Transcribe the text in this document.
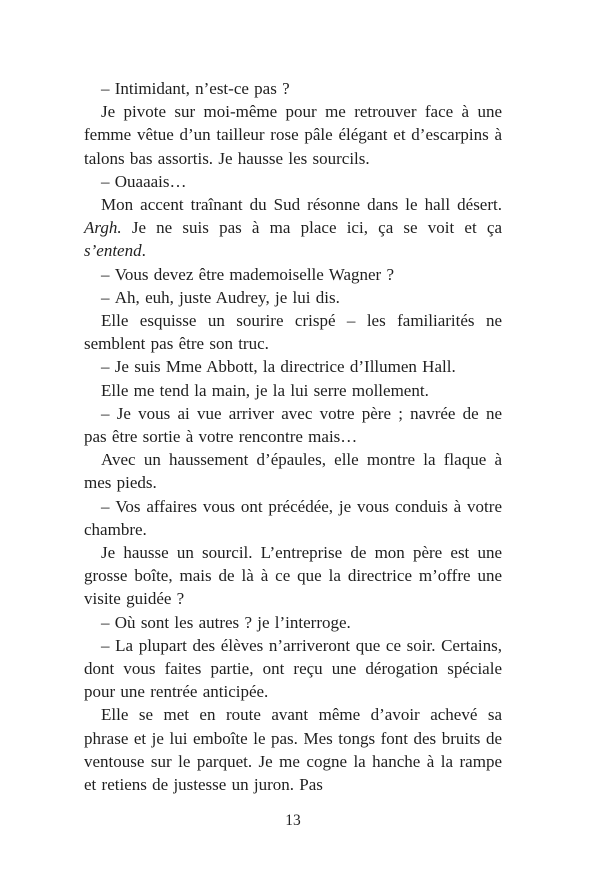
– Intimidant, n’est-ce pas ?

Je pivote sur moi-même pour me retrouver face à une femme vêtue d’un tailleur rose pâle élégant et d’escarpins à talons bas assortis. Je hausse les sourcils.

– Ouaaais…

Mon accent traînant du Sud résonne dans le hall désert. Argh. Je ne suis pas à ma place ici, ça se voit et ça s’entend.

– Vous devez être mademoiselle Wagner ?

– Ah, euh, juste Audrey, je lui dis.

Elle esquisse un sourire crispé – les familiarités ne semblent pas être son truc.

– Je suis Mme Abbott, la directrice d’Illumen Hall.

Elle me tend la main, je la lui serre mollement.

– Je vous ai vue arriver avec votre père ; navrée de ne pas être sortie à votre rencontre mais…

Avec un haussement d’épaules, elle montre la flaque à mes pieds.

– Vos affaires vous ont précédée, je vous conduis à votre chambre.

Je hausse un sourcil. L’entreprise de mon père est une grosse boîte, mais de là à ce que la directrice m’offre une visite guidée ?

– Où sont les autres ? je l’interroge.

– La plupart des élèves n’arriveront que ce soir. Certains, dont vous faites partie, ont reçu une dérogation spéciale pour une rentrée anticipée.

Elle se met en route avant même d’avoir achevé sa phrase et je lui emboîte le pas. Mes tongs font des bruits de ventouse sur le parquet. Je me cogne la hanche à la rampe et retiens de justesse un juron. Pas

13
